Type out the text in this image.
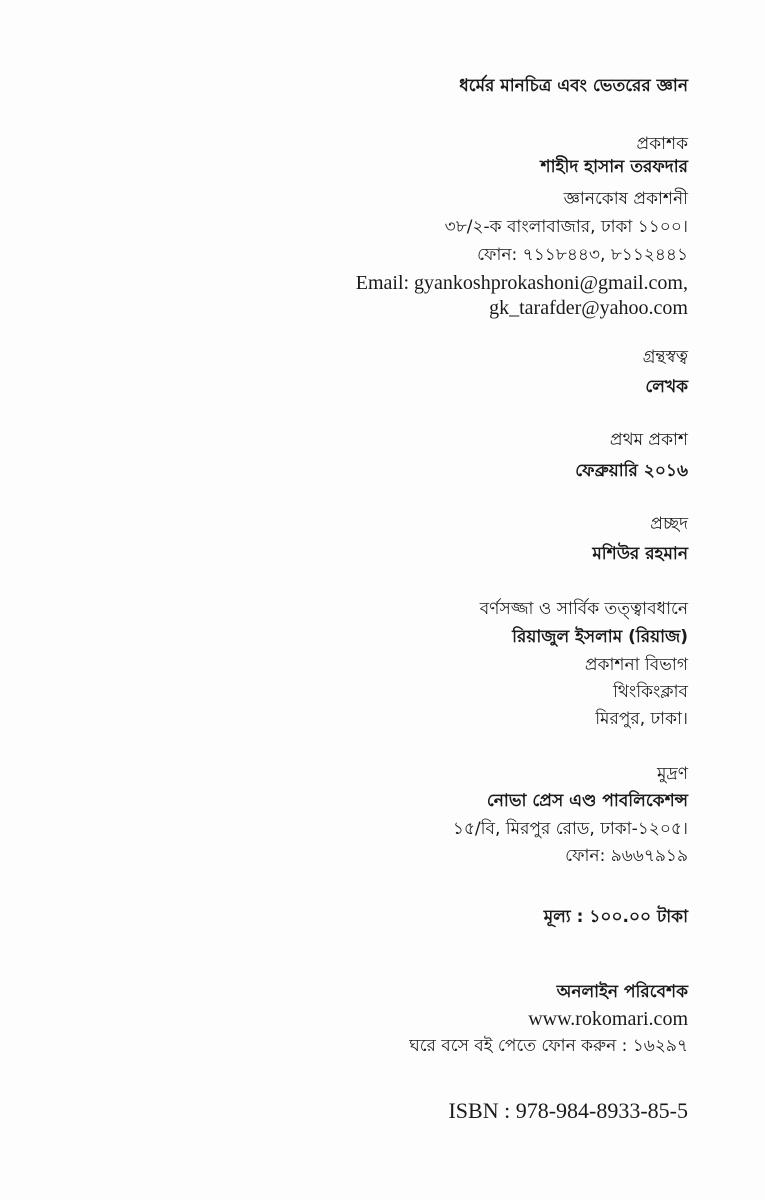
ধর্মের মানচিত্র এবং ভেতরের জ্ঞান
প্রকাশক
শাহীদ হাসান তরফদার
জ্ঞানকোষ প্রকাশনী
৩৮/২-ক বাংলাবাজার, ঢাকা ১১০০।
ফোন: ৭১১৮৪৪৩, ৮১১২৪৪১
Email: gyankoshprokashoni@gmail.com,
gk_tarafder@yahoo.com
গ্রন্থস্বত্ব
লেখক
প্রথম প্রকাশ
ফেব্রুয়ারি ২০১৬
প্রচ্ছদ
মশিউর রহমান
বর্ণসজ্জা ও সার্বিক তত্ত্বাবধানে
রিয়াজুল ইসলাম (রিয়াজ)
প্রকাশনা বিভাগ
থিংকিংক্লাব
মিরপুর, ঢাকা।
মুদ্রণ
নোভা প্রেস এণ্ড পাবলিকেশন্স
১৫/বি, মিরপুর রোড, ঢাকা-১২০৫।
ফোন: ৯৬৬৭৯১৯
মূল্য : ১০০.০০ টাকা
অনলাইন পরিবেশক
www.rokomari.com
ঘরে বসে বই পেতে ফোন করুন : ১৬২৯৭
ISBN : 978-984-8933-85-5
